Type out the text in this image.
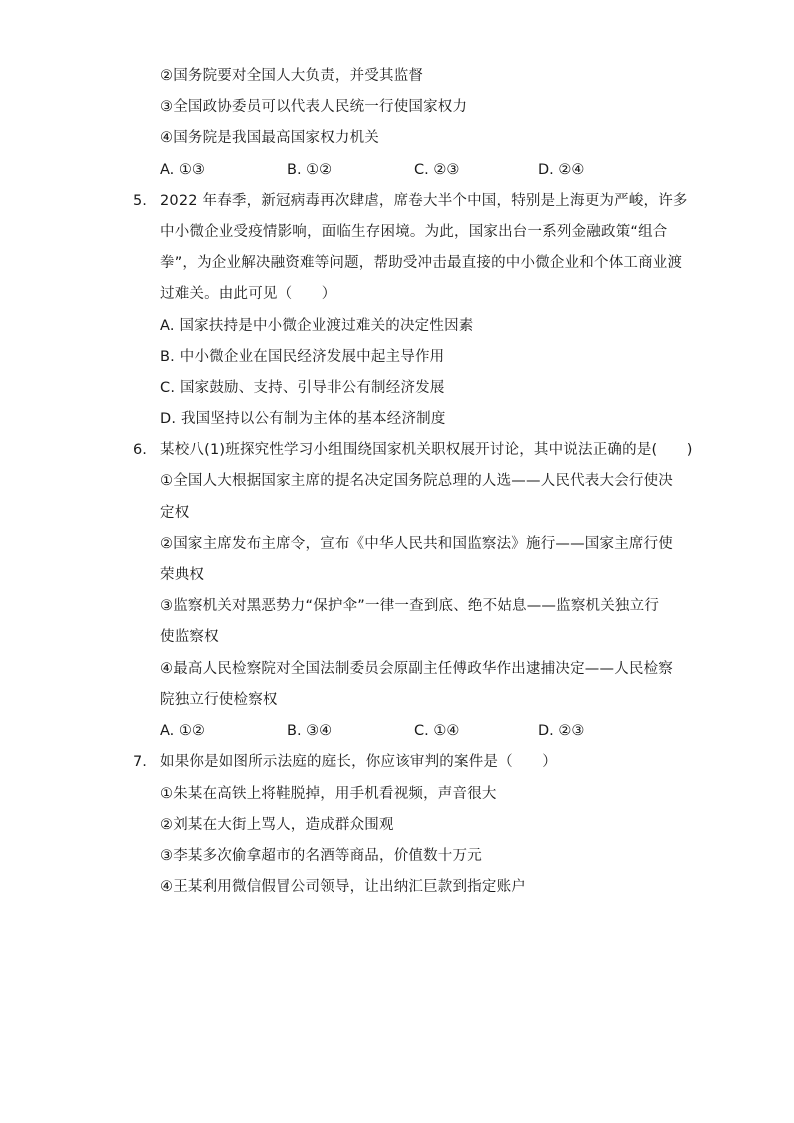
②国务院要对全国人大负责，并受其监督
③全国政协委员可以代表人民统一行使国家权力
④国务院是我国最高国家权力机关
A. ①③	B. ①②	C. ②③	D. ②④
5. 2022 年春季，新冠病毒再次肆虐，席卷大半个中国，特别是上海更为严峻，许多
中小微企业受疫情影响，面临生存困境。为此，国家出台一系列金融政策“组合
拳”，为企业解决融资难等问题，帮助受冲击最直接的中小微企业和个体工商业渡
过难关。由此可见（　　）
A. 国家扶持是中小微企业渡过难关的决定性因素
B. 中小微企业在国民经济发展中起主导作用
C. 国家鼓励、支持、引导非公有制经济发展
D. 我国坚持以公有制为主体的基本经济制度
6. 某校八(1)班探究性学习小组围绕国家机关职权展开讨论，其中说法正确的是(　　)
①全国人大根据国家主席的提名决定国务院总理的人选——人民代表大会行使决
定权
②国家主席发布主席令，宣布《中华人民共和国监察法》施行——国家主席行使
荣典权
③监察机关对黑恶势力“保护伞”一律一查到底、绝不姑息——监察机关独立行
使监察权
④最高人民检察院对全国法制委员会原副主任傅政华作出逮捕决定——人民检察
院独立行使检察权
A. ①②	B. ③④	C. ①④	D. ②③
7. 如果你是如图所示法庭的庭长，你应该审判的案件是（　　）
①朱某在高铁上将鞋脱掉，用手机看视频，声音很大
②刘某在大街上骂人，造成群众围观
③李某多次偷拿超市的名酒等商品，价值数十万元
④王某利用微信假冒公司领导，让出纳汇巨款到指定账户
